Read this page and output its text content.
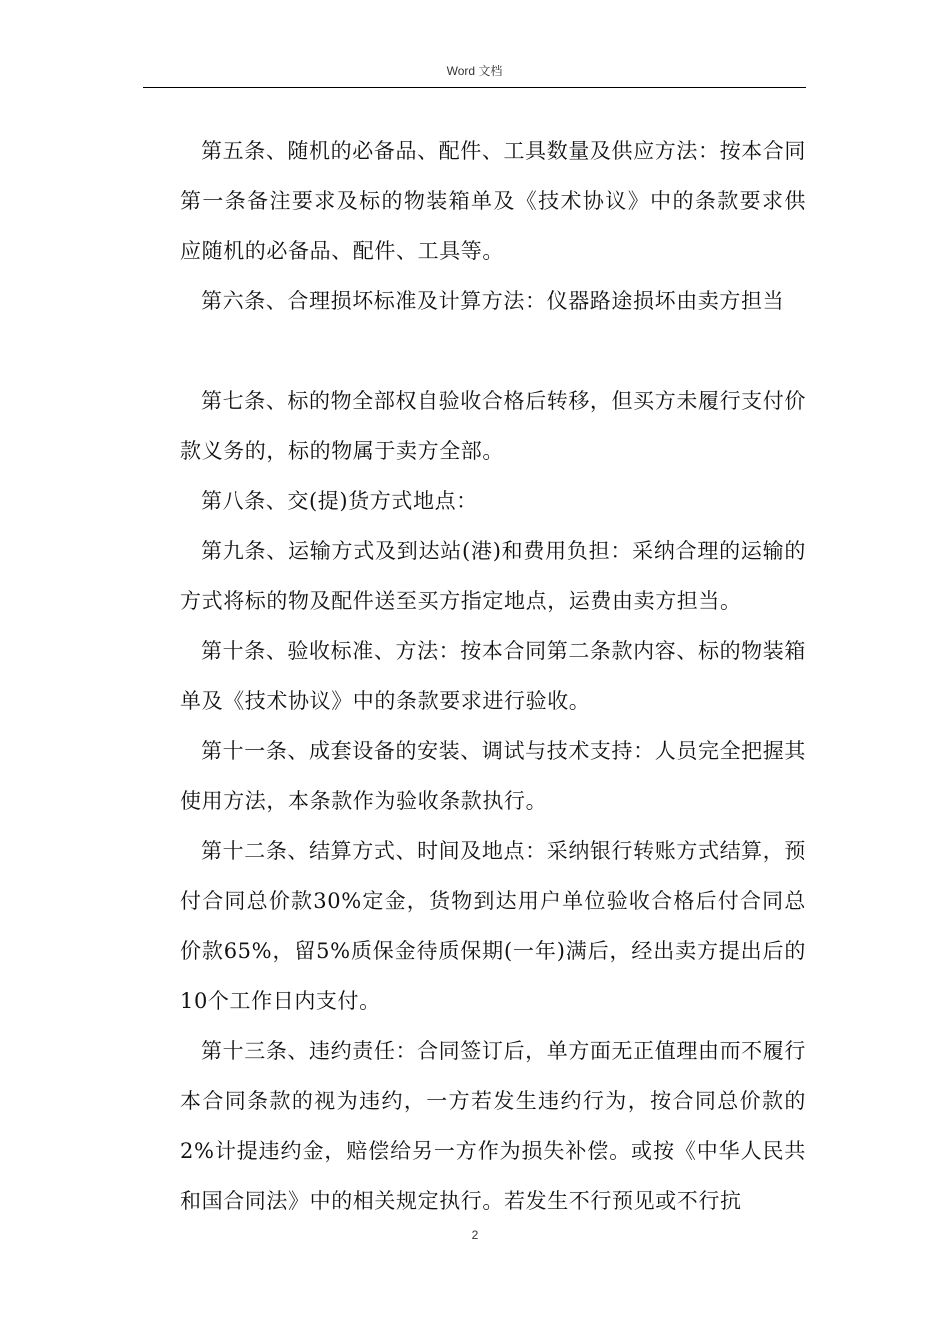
Word 文档

第五条、随机的必备品、配件、工具数量及供应方法：按本合同第一条备注要求及标的物装箱单及《技术协议》中的条款要求供应随机的必备品、配件、工具等。

第六条、合理损坏标准及计算方法：仪器路途损坏由卖方担当

第七条、标的物全部权自验收合格后转移，但买方未履行支付价款义务的，标的物属于卖方全部。

第八条、交(提)货方式地点：

第九条、运输方式及到达站(港)和费用负担：采纳合理的运输的方式将标的物及配件送至买方指定地点，运费由卖方担当。

第十条、验收标准、方法：按本合同第二条款内容、标的物装箱单及《技术协议》中的条款要求进行验收。

第十一条、成套设备的安装、调试与技术支持：人员完全把握其使用方法，本条款作为验收条款执行。

第十二条、结算方式、时间及地点：采纳银行转账方式结算，预付合同总价款30%定金，货物到达用户单位验收合格后付合同总价款65%，留5%质保金待质保期(一年)满后，经出卖方提出后的10个工作日内支付。

第十三条、违约责任：合同签订后，单方面无正值理由而不履行本合同条款的视为违约，一方若发生违约行为，按合同总价款的2%计提违约金，赔偿给另一方作为损失补偿。或按《中华人民共和国合同法》中的相关规定执行。若发生不行预见或不行抗

2
